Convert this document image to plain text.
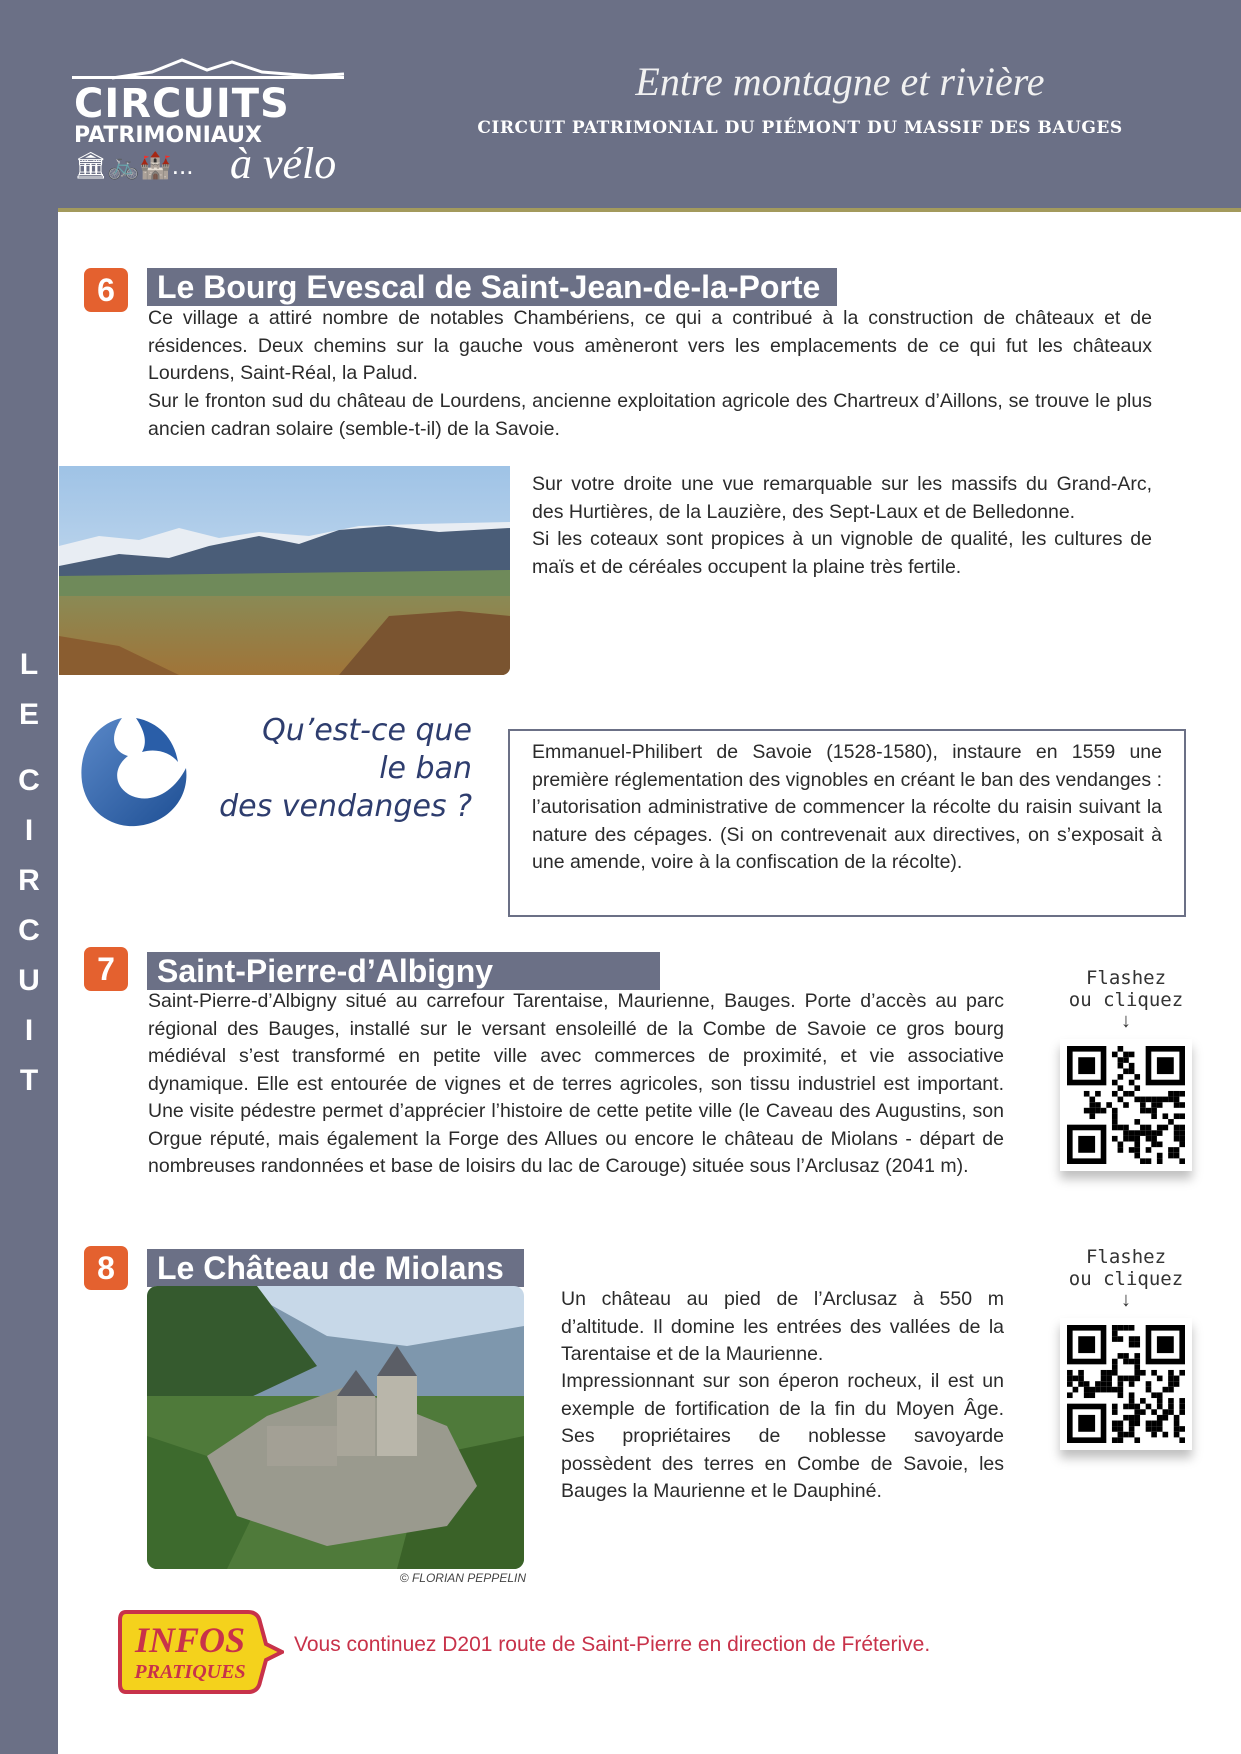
L
E
C
I
R
C
U
I
T
CIRCUITS
PATRIMONIAUX
🏛🚲🏰... à vélo
Entre montagne et rivière
CIRCUIT PATRIMONIAL DU PIÉMONT DU MASSIF DES BAUGES
6	Le Bourg Evescal de Saint-Jean-de-la-Porte

Ce village a attiré nombre de notables Chambériens, ce qui a contribué à la construction de châteaux et de résidences. Deux chemins sur la gauche vous amèneront vers les emplacements de ce qui fut les châteaux Lourdens, Saint-Réal, la Palud.

Sur le fronton sud du château de Lourdens, ancienne exploitation agricole des Chartreux d’Aillons, se trouve le plus ancien cadran solaire (semble-t-il) de la Savoie.

Sur votre droite une vue remarquable sur les massifs du Grand-Arc, des Hurtières, de la Lauzière, des Sept-Laux et de Belledonne.

Si les coteaux sont propices à un vignoble de qualité, les cultures de maïs et de céréales occupent la plaine très fertile.

Qu’est-ce que
le ban
des vendanges ?

Emmanuel-Philibert de Savoie (1528-1580), instaure en 1559 une première réglementation des vignobles en créant le ban des vendanges : l’autorisation administrative de commencer la récolte du raisin suivant la nature des cépages. (Si on contrevenait aux directives, on s’exposait à une amende, voire à la confiscation de la récolte).

7	Saint-Pierre-d’Albigny

Saint-Pierre-d’Albigny situé au carrefour Tarentaise, Maurienne, Bauges. Porte d’accès au parc régional des Bauges, installé sur le versant ensoleillé de la Combe de Savoie ce gros bourg médiéval s’est transformé en petite ville avec commerces de proximité, et vie associative dynamique. Elle est entourée de vignes et de terres agricoles, son tissu industriel est important. Une visite pédestre permet d’apprécier l’histoire de cette petite ville (le Caveau des Augustins, son Orgue réputé, mais également la Forge des Allues ou encore le château de Miolans - départ de nombreuses randonnées et base de loisirs du lac de Carouge) située sous l’Arclusaz (2041 m).

Flashez
ou cliquez
↓
8	Le Château de Miolans
© FLORIAN PEPPELIN

Un château au pied de l’Arclusaz à 550 m d’altitude. Il domine les entrées des vallées de la Tarentaise et de la Maurienne.

Impressionnant sur son éperon rocheux, il est un exemple de fortification de la fin du Moyen Âge. Ses propriétaires de noblesse savoyarde possèdent des terres en Combe de Savoie, les Bauges la Maurienne et le Dauphiné.

Flashez
ou cliquez
↓
INFOS
PRATIQUES
Vous continuez D201 route de Saint-Pierre en direction de Fréterive.
